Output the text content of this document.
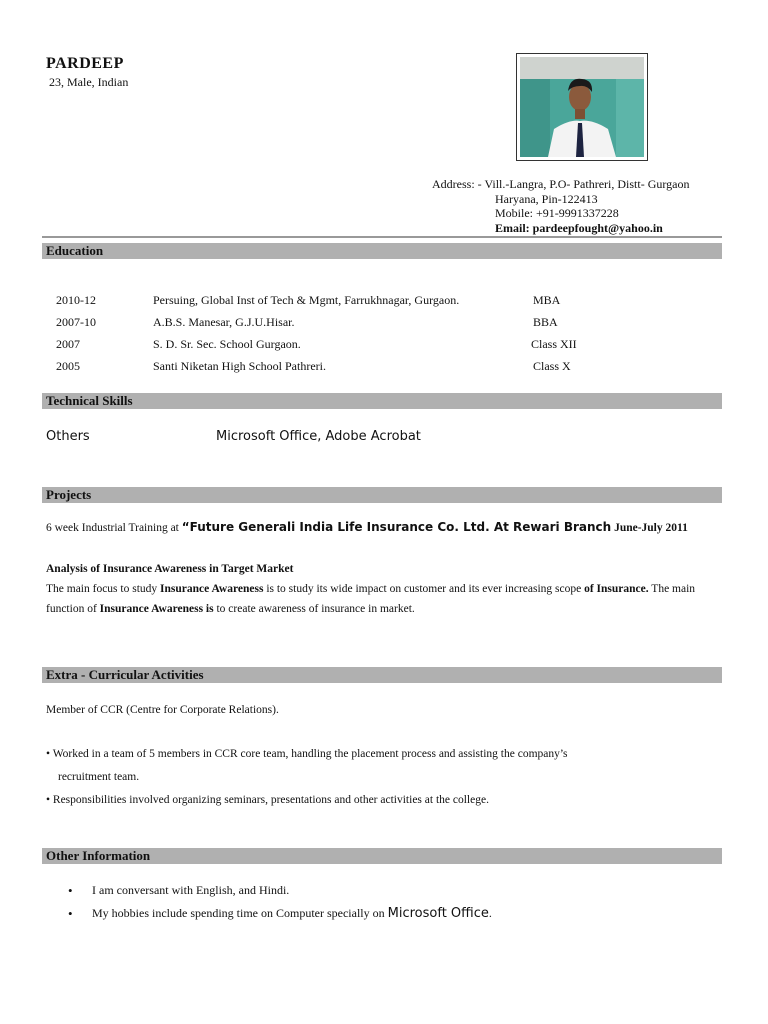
PARDEEP
23, Male, Indian
Address: - Vill.-Langra, P.O- Pathreri, Distt- Gurgaon
Haryana, Pin-122413
Mobile: +91-9991337228
Email: pardeepfought@yahoo.in
Education
2010-12	Persuing, Global Inst of Tech & Mgmt, Farrukhnagar, Gurgaon.	MBA
2007-10	A.B.S. Manesar, G.J.U.Hisar.	BBA
2007	S. D. Sr. Sec. School Gurgaon.	Class XII
2005	Santi Niketan High School Pathreri.	Class X
Technical Skills
Others	Microsoft Office, Adobe Acrobat
Projects
6 week Industrial Training at “Future Generali India Life Insurance Co. Ltd. At Rewari Branch June-July 2011
Analysis of Insurance Awareness in Target Market
The main focus to study Insurance Awareness is to study its wide impact on customer and its ever increasing scope of Insurance. The main
function of Insurance Awareness is to create awareness of insurance in market.
Extra - Curricular Activities
Member of CCR (Centre for Corporate Relations).
• Worked in a team of 5 members in CCR core team, handling the placement process and assisting the company’s
recruitment team.
• Responsibilities involved organizing seminars, presentations and other activities at the college.
Other Information
• I am conversant with English, and Hindi.
• My hobbies include spending time on Computer specially on Microsoft Office.
